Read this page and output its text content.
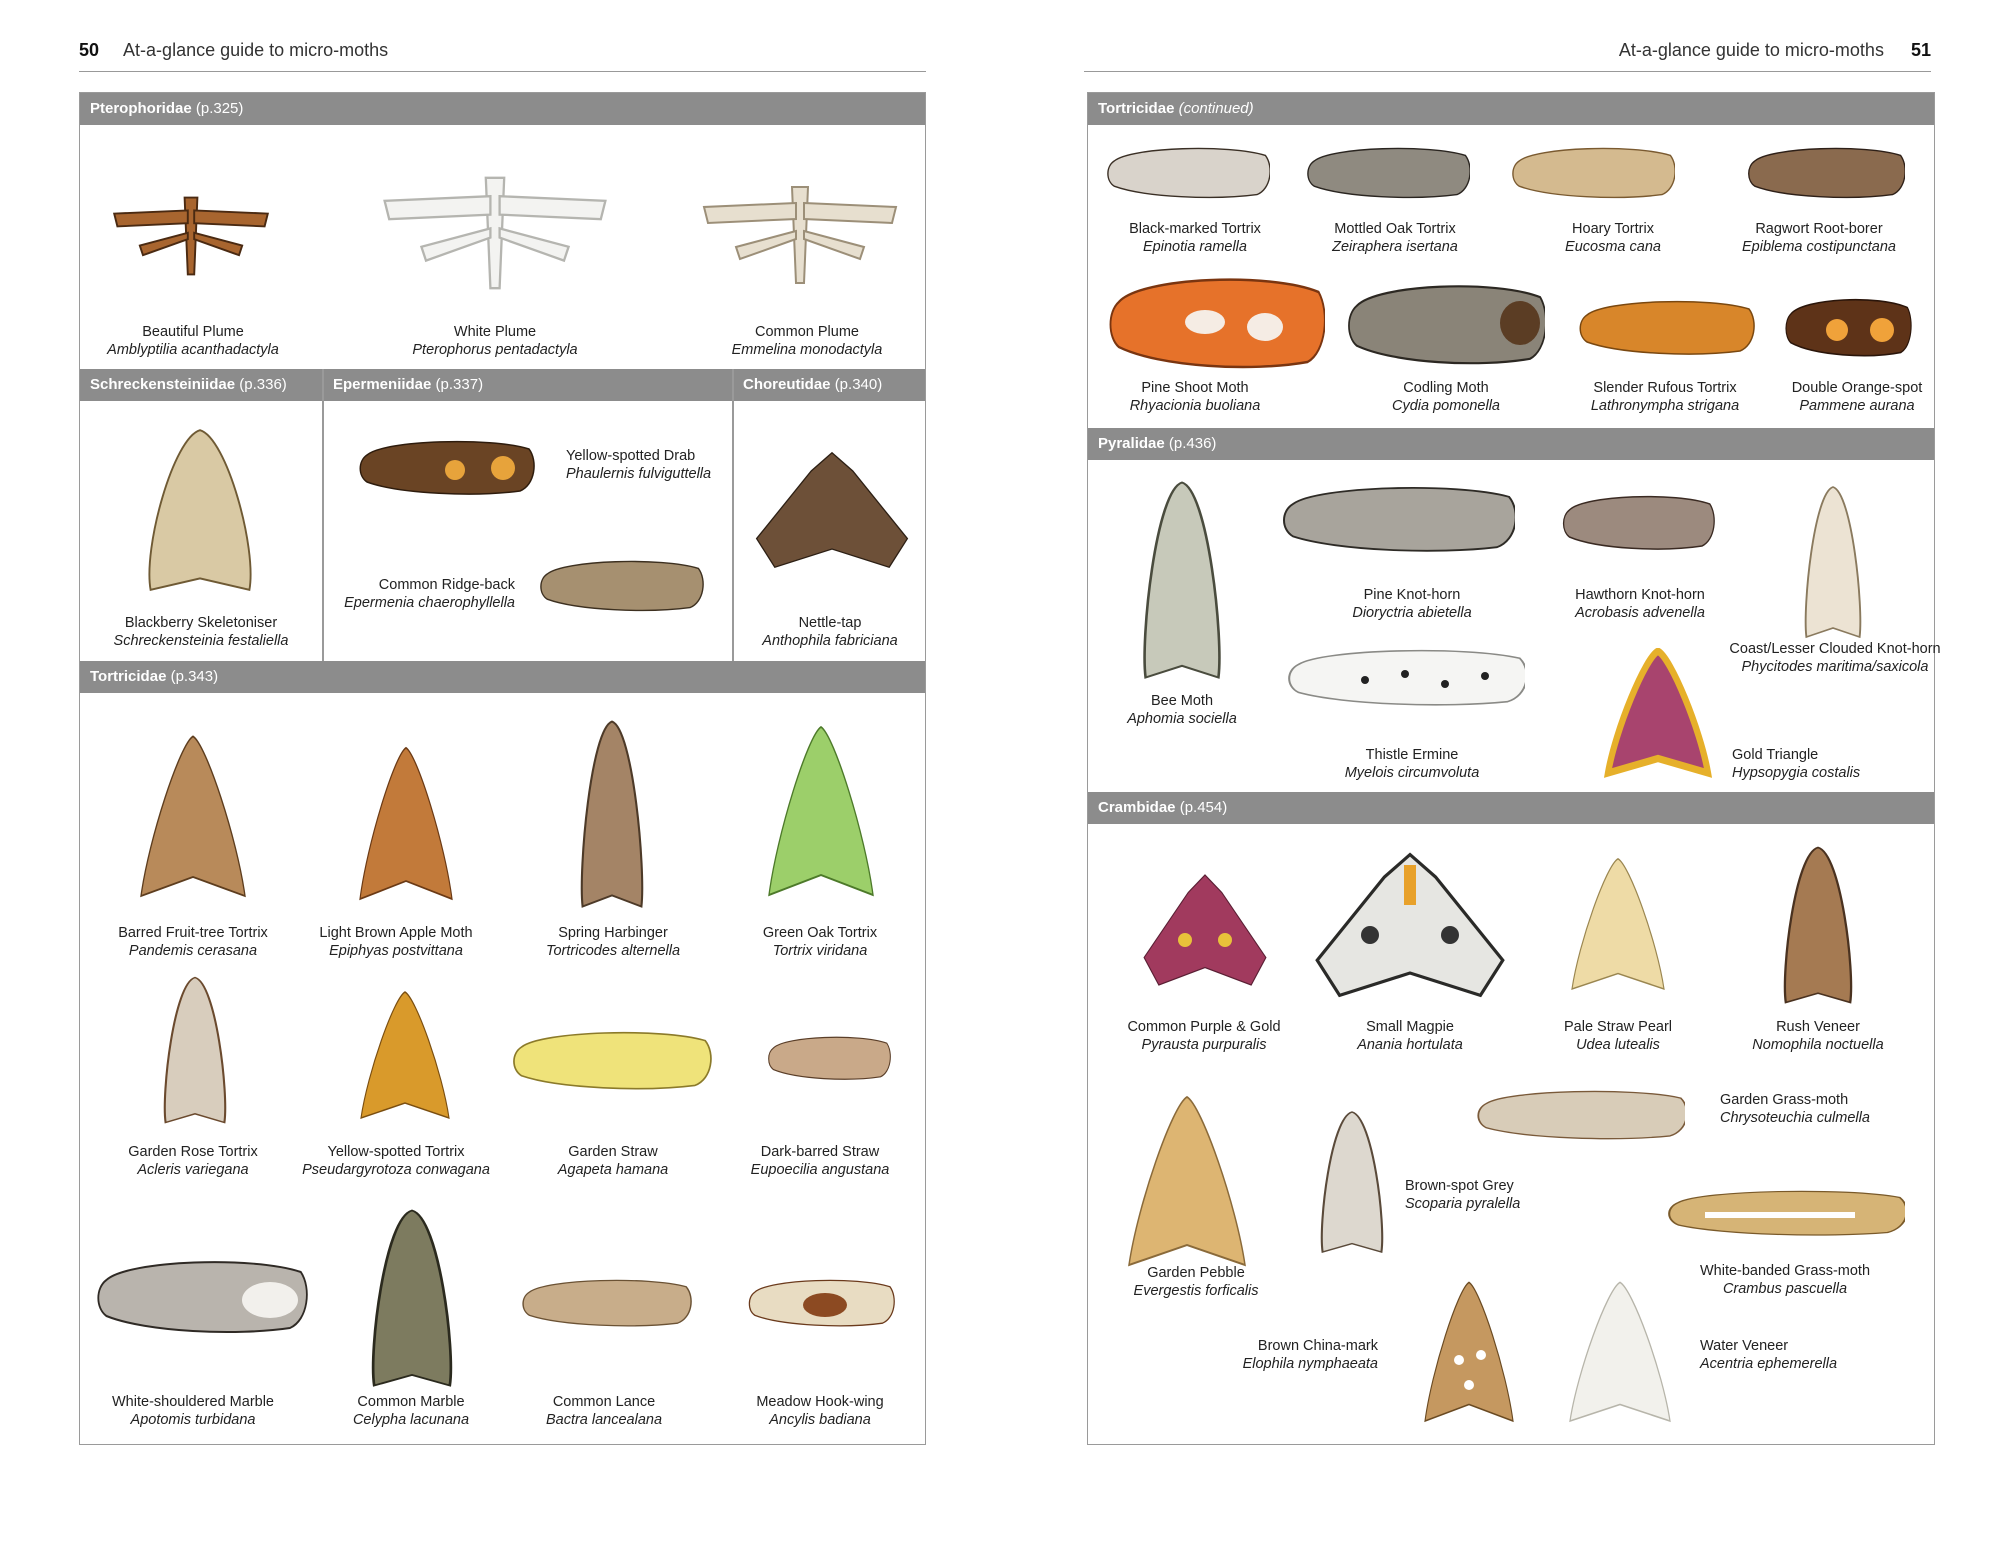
50 At-a-glance guide to micro-moths
Pterophoridae (p.325)
Schreckensteiniidae (p.336)	Epermeniidae (p.337)	Choreutidae (p.340)
Tortricidae (p.343)
At-a-glance guide to micro-moths 51
Tortricidae (continued)
Pyralidae (p.436)
Crambidae (p.454)
Beautiful Plume
Amblyptilia acanthadactyla
White Plume
Pterophorus pentadactyla
Common Plume
Emmelina monodactyla
Blackberry Skeletoniser
Schreckensteinia festaliella
Yellow-spotted Drab
Phaulernis fulviguttella
Common Ridge-back
Epermenia chaerophyllella
Nettle-tap
Anthophila fabriciana
Barred Fruit-tree Tortrix
Pandemis cerasana
Light Brown Apple Moth
Epiphyas postvittana
Spring Harbinger
Tortricodes alternella
Green Oak Tortrix
Tortrix viridana
Garden Rose Tortrix
Acleris variegana
Yellow-spotted Tortrix
Pseudargyrotoza conwagana
Garden Straw
Agapeta hamana
Dark-barred Straw
Eupoecilia angustana
White-shouldered Marble
Apotomis turbidana
Common Marble
Celypha lacunana
Common Lance
Bactra lancealana
Meadow Hook-wing
Ancylis badiana
Black-marked Tortrix
Epinotia ramella
Mottled Oak Tortrix
Zeiraphera isertana
Hoary Tortrix
Eucosma cana
Ragwort Root-borer
Epiblema costipunctana
Pine Shoot Moth
Rhyacionia buoliana
Codling Moth
Cydia pomonella
Slender Rufous Tortrix
Lathronympha strigana
Double Orange-spot
Pammene aurana
Bee Moth
Aphomia sociella
Pine Knot-horn
Dioryctria abietella
Hawthorn Knot-horn
Acrobasis advenella
Coast/Lesser Clouded Knot-horn
Phycitodes maritima/saxicola
Thistle Ermine
Myelois circumvoluta
Gold Triangle
Hypsopygia costalis
Common Purple & Gold
Pyrausta purpuralis
Small Magpie
Anania hortulata
Pale Straw Pearl
Udea lutealis
Rush Veneer
Nomophila noctuella
Garden Grass-moth
Chrysoteuchia culmella
Garden Pebble
Evergestis forficalis
Brown-spot Grey
Scoparia pyralella
White-banded Grass-moth
Crambus pascuella
Brown China-mark
Elophila nymphaeata
Water Veneer
Acentria ephemerella
